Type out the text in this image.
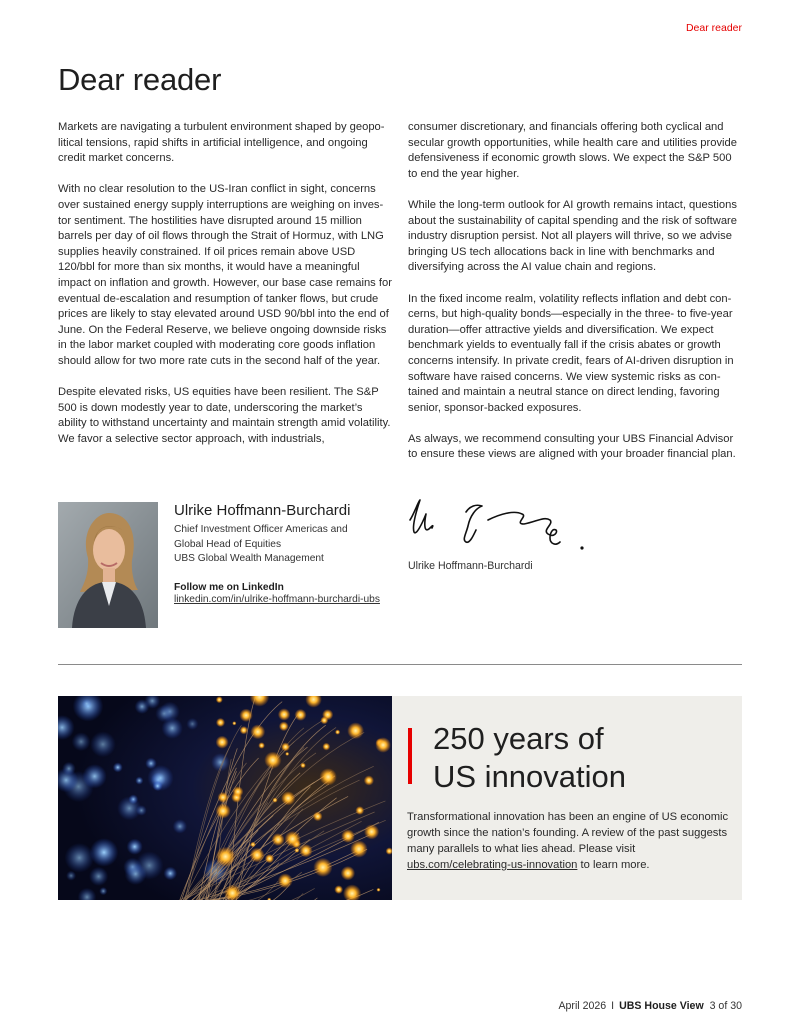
Dear reader
Dear reader

Markets are navigating a turbulent environment shaped by geopolitical tensions, rapid shifts in artificial intelligence, and ongoing credit market concerns.

With no clear resolution to the US-Iran conflict in sight, concerns over sustained energy supply interruptions are weighing on investor sentiment. The hostilities have disrupted around 15 million barrels per day of oil flows through the Strait of Hormuz, with LNG supplies heavily constrained. If oil prices remain above USD 120/bbl for more than six months, it would have a meaningful impact on inflation and growth. However, our base case remains for eventual de-escalation and resumption of tanker flows, but crude prices are likely to stay elevated around USD 90/bbl into the end of June. On the Federal Reserve, we believe ongoing downside risks in the labor market coupled with moderating core goods inflation should allow for two more rate cuts in the second half of the year.

Despite elevated risks, US equities have been resilient. The S&P 500 is down modestly year to date, underscoring the market’s ability to withstand uncertainty and maintain strength amid volatility. We favor a selective sector approach, with industrials,

consumer discretionary, and financials offering both cyclical and secular growth opportunities, while health care and utilities provide defensiveness if economic growth slows. We expect the S&P 500 to end the year higher.

While the long-term outlook for AI growth remains intact, questions about the sustainability of capital spending and the risk of software industry disruption persist. Not all players will thrive, so we advise bringing US tech allocations back in line with benchmarks and diversifying across the AI value chain and regions.

In the fixed income realm, volatility reflects inflation and debt concerns, but high-quality bonds—especially in the three- to five-year duration—offer attractive yields and diversification. We expect benchmark yields to eventually fall if the crisis abates or growth concerns intensify. In private credit, fears of AI-driven disruption in software have raised concerns. We view systemic risks as contained and maintain a neutral stance on direct lending, favoring senior, sponsor-backed exposures.

As always, we recommend consulting your UBS Financial Advisor to ensure these views are aligned with your broader financial plan.

Ulrike Hoffmann-Burchardi
Chief Investment Officer Americas and
Global Head of Equities
UBS Global Wealth Management
Follow me on LinkedIn
linkedin.com/in/ulrike-hoffmann-burchardi-ubs
Ulrike Hoffmann-Burchardi
250 years of
US innovation
Transformational innovation has been an engine of US economic growth since the nation’s founding. A review of the past suggests many parallels to what lies ahead. Please visit ubs.com/celebrating-us-innovation to learn more.
April 2026 I UBS House View 3 of 30
